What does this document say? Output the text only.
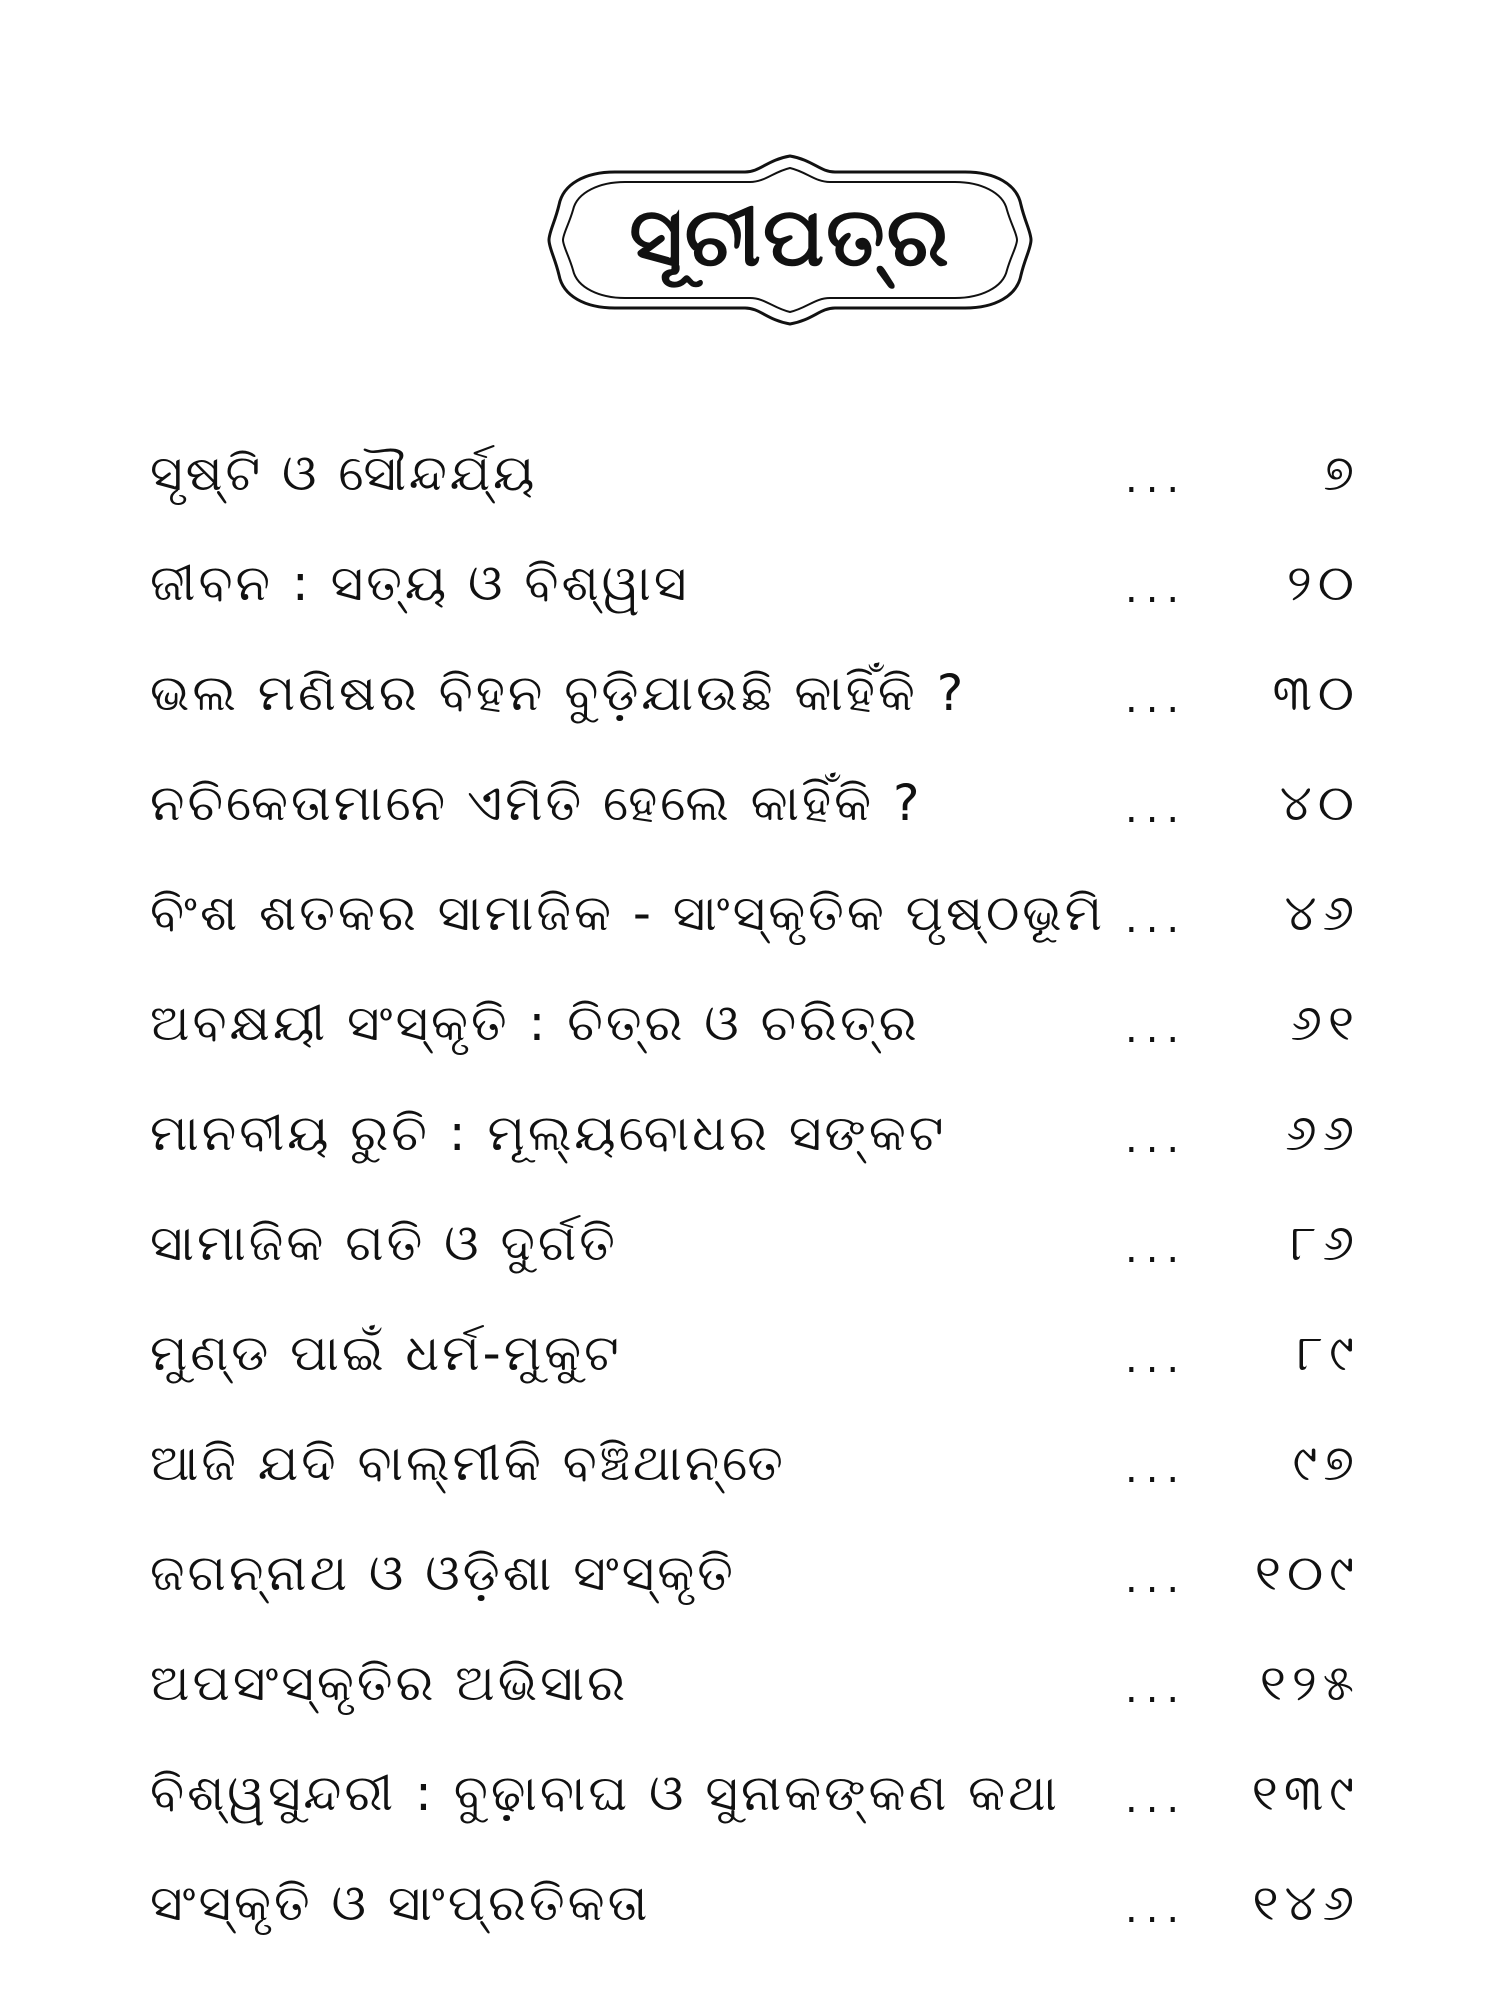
ସୂଚୀପତ୍ର
ସୃଷ୍ଟି ଓ ସୌନ୍ଦର୍ଯ୍ୟ	...	୭
ଜୀବନ : ସତ୍ୟ ଓ ବିଶ୍ୱାସ	...	୨୦
ଭଲ ମଣିଷର ବିହନ ବୁଡ଼ିଯାଉଛି କାହିଁକି ?	...	୩୦
ନଚିକେତାମାନେ ଏମିତି ହେଲେ କାହିଁକି ?	...	୪୦
ବିଂଶ ଶତକର ସାମାଜିକ - ସାଂସ୍କୃତିକ ପୃଷ୍ଠଭୂମି ...	୪୬
ଅବକ୍ଷୟୀ ସଂସ୍କୃତି : ଚିତ୍ର ଓ ଚରିତ୍ର	...	୬୧
ମାନବୀୟ ରୁଚି : ମୂଲ୍ୟବୋଧର ସଙ୍କଟ	...	୬୬
ସାମାଜିକ ଗତି ଓ ଦୁର୍ଗତି	...	୮୬
ମୁଣ୍ଡ ପାଇଁ ଧର୍ମ-ମୁକୁଟ	...	୮୯
ଆଜି ଯଦି ବାଲ୍ମୀକି ବଞ୍ଚିଥାନ୍ତେ	...	୯୭
ଜଗନ୍ନାଥ ଓ ଓଡ଼ିଶା ସଂସ୍କୃତି	...	୧୦୯
ଅପସଂସ୍କୃତିର ଅଭିସାର	...	୧୨୫
ବିଶ୍ୱସୁନ୍ଦରୀ : ବୁଢ଼ାବାଘ ଓ ସୁନାକଙ୍କଣ କଥା ...	୧୩୯
ସଂସ୍କୃତି ଓ ସାଂପ୍ରତିକତା	...	୧୪୬
